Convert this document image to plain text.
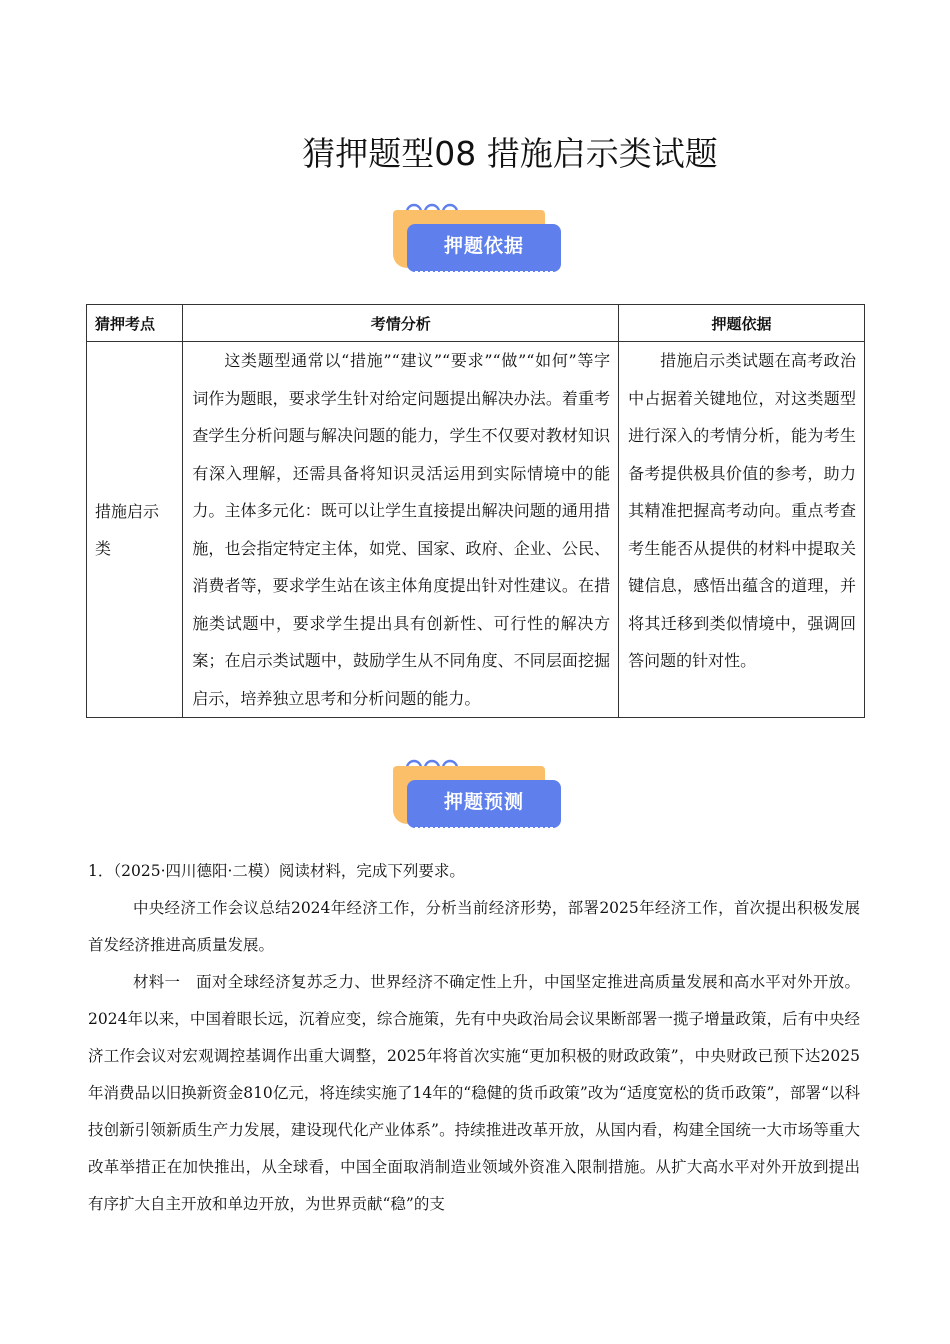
猜押题型08 措施启示类试题
押题依据
猜押考点	考情分析	押题依据
措施启示类	这类题型通常以“措施”“建议”“要求”“做”“如何”等字词作为题眼，要求学生针对给定问题提出解决办法。着重考查学生分析问题与解决问题的能力，学生不仅要对教材知识有深入理解，还需具备将知识灵活运用到实际情境中的能力。主体多元化：既可以让学生直接提出解决问题的通用措施，也会指定特定主体，如党、国家、政府、企业、公民、消费者等，要求学生站在该主体角度提出针对性建议。在措施类试题中，要求学生提出具有创新性、可行性的解决方案；在启示类试题中，鼓励学生从不同角度、不同层面挖掘启示，培养独立思考和分析问题的能力。	措施启示类试题在高考政治中占据着关键地位，对这类题型进行深入的考情分析，能为考生备考提供极具价值的参考，助力其精准把握高考动向。重点考查考生能否从提供的材料中提取关键信息，感悟出蕴含的道理，并将其迁移到类似情境中，强调回答问题的针对性。

押题预测

1．（2025·四川德阳·二模）阅读材料，完成下列要求。

中央经济工作会议总结2024年经济工作，分析当前经济形势，部署2025年经济工作，首次提出积极发展首发经济推进高质量发展。

材料一　面对全球经济复苏乏力、世界经济不确定性上升，中国坚定推进高质量发展和高水平对外开放。2024年以来，中国着眼长远，沉着应变，综合施策，先有中央政治局会议果断部署一揽子增量政策，后有中央经济工作会议对宏观调控基调作出重大调整，2025年将首次实施“更加积极的财政政策”，中央财政已预下达2025年消费品以旧换新资金810亿元，将连续实施了14年的“稳健的货币政策”改为“适度宽松的货币政策”，部署“以科技创新引领新质生产力发展，建设现代化产业体系”。持续推进改革开放，从国内看，构建全国统一大市场等重大改革举措正在加快推出，从全球看，中国全面取消制造业领域外资准入限制措施。从扩大高水平对外开放到提出有序扩大自主开放和单边开放，为世界贡献“稳”的支
